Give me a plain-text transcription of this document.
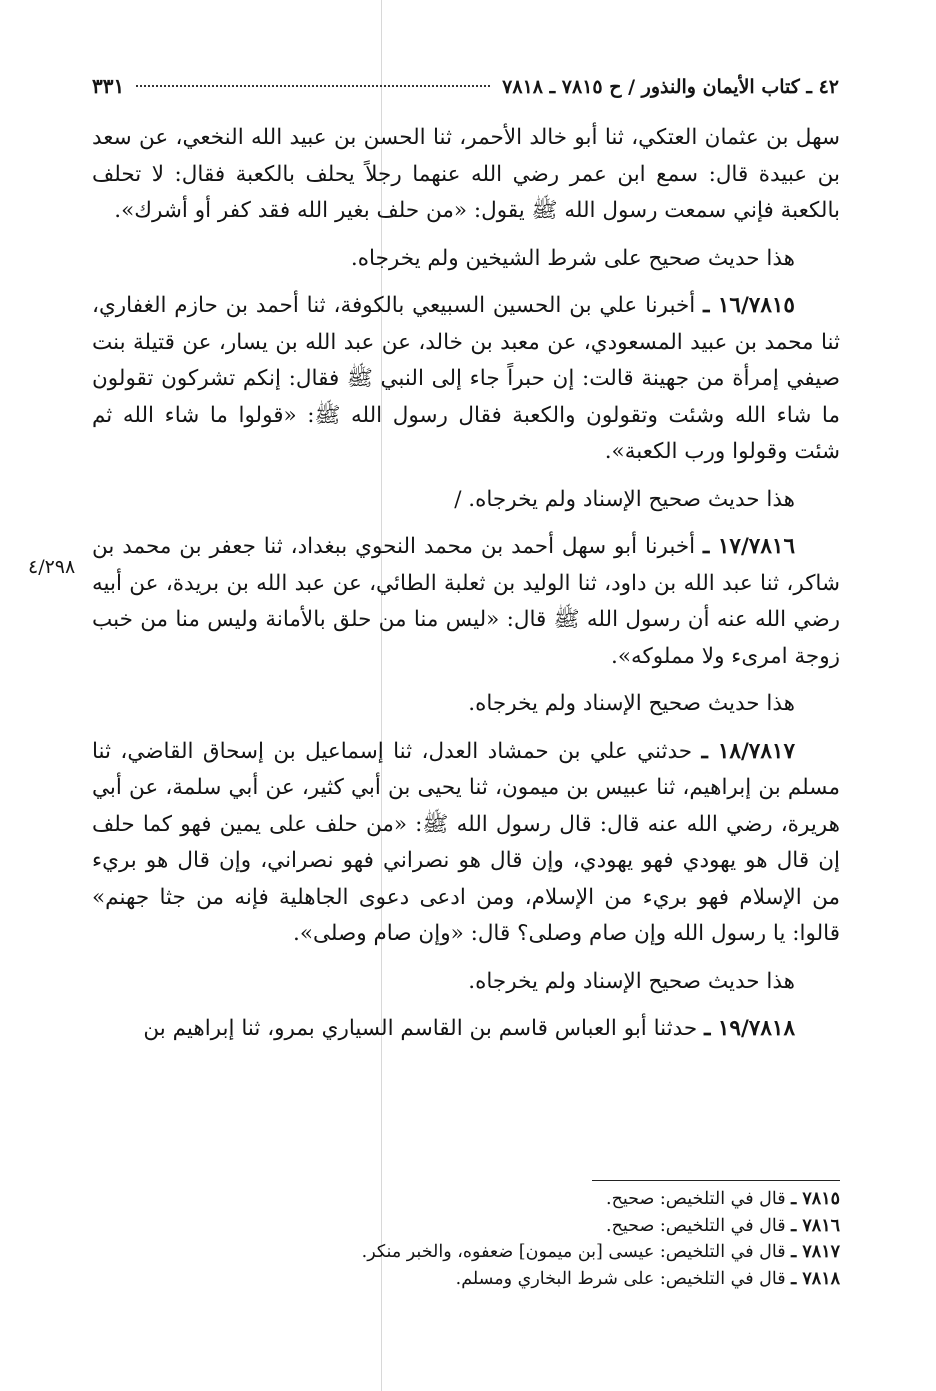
٤٢ ـ كتاب الأيمان والنذور / ح ٧٨١٥ ـ ٧٨١٨
٣٣١
٤/٢٩٨

سهل بن عثمان العتكي، ثنا أبو خالد الأحمر، ثنا الحسن بن عبيد الله النخعي، عن سعد بن عبيدة قال: سمع ابن عمر رضي الله عنهما رجلاً يحلف بالكعبة فقال: لا تحلف بالكعبة فإني سمعت رسول الله ﷺ يقول: «من حلف بغير الله فقد كفر أو أشرك».

هذا حديث صحيح على شرط الشيخين ولم يخرجاه.

١٦/٧٨١٥ ـ أخبرنا علي بن الحسين السبيعي بالكوفة، ثنا أحمد بن حازم الغفاري، ثنا محمد بن عبيد المسعودي، عن معبد بن خالد، عن عبد الله بن يسار، عن قتيلة بنت صيفي إمرأة من جهينة قالت: إن حبراً جاء إلى النبي ﷺ فقال: إنكم تشركون تقولون ما شاء الله وشئت وتقولون والكعبة فقال رسول الله ﷺ: «قولوا ما شاء الله ثم شئت وقولوا ورب الكعبة».

هذا حديث صحيح الإسناد ولم يخرجاه. /

١٧/٧٨١٦ ـ أخبرنا أبو سهل أحمد بن محمد النحوي ببغداد، ثنا جعفر بن محمد بن شاكر، ثنا عبد الله بن داود، ثنا الوليد بن ثعلبة الطائي، عن عبد الله بن بريدة، عن أبيه رضي الله عنه أن رسول الله ﷺ قال: «ليس منا من حلق بالأمانة وليس منا من خبب زوجة امرىء ولا مملوكه».

هذا حديث صحيح الإسناد ولم يخرجاه.

١٨/٧٨١٧ ـ حدثني علي بن حمشاد العدل، ثنا إسماعيل بن إسحاق القاضي، ثنا مسلم بن إبراهيم، ثنا عبيس بن ميمون، ثنا يحيى بن أبي كثير، عن أبي سلمة، عن أبي هريرة، رضي الله عنه قال: قال رسول الله ﷺ: «من حلف على يمين فهو كما حلف إن قال هو يهودي فهو يهودي، وإن قال هو نصراني فهو نصراني، وإن قال هو بريء من الإسلام فهو بريء من الإسلام، ومن ادعى دعوى الجاهلية فإنه من جثا جهنم» قالوا: يا رسول الله وإن صام وصلى؟ قال: «وإن صام وصلى».

هذا حديث صحيح الإسناد ولم يخرجاه.

١٩/٧٨١٨ ـ حدثنا أبو العباس قاسم بن القاسم السياري بمرو، ثنا إبراهيم بن

٧٨١٥ ـ قال في التلخيص: صحيح.
٧٨١٦ ـ قال في التلخيص: صحيح.
٧٨١٧ ـ قال في التلخيص: عيسى [بن ميمون] ضعفوه، والخبر منكر.
٧٨١٨ ـ قال في التلخيص: على شرط البخاري ومسلم.
